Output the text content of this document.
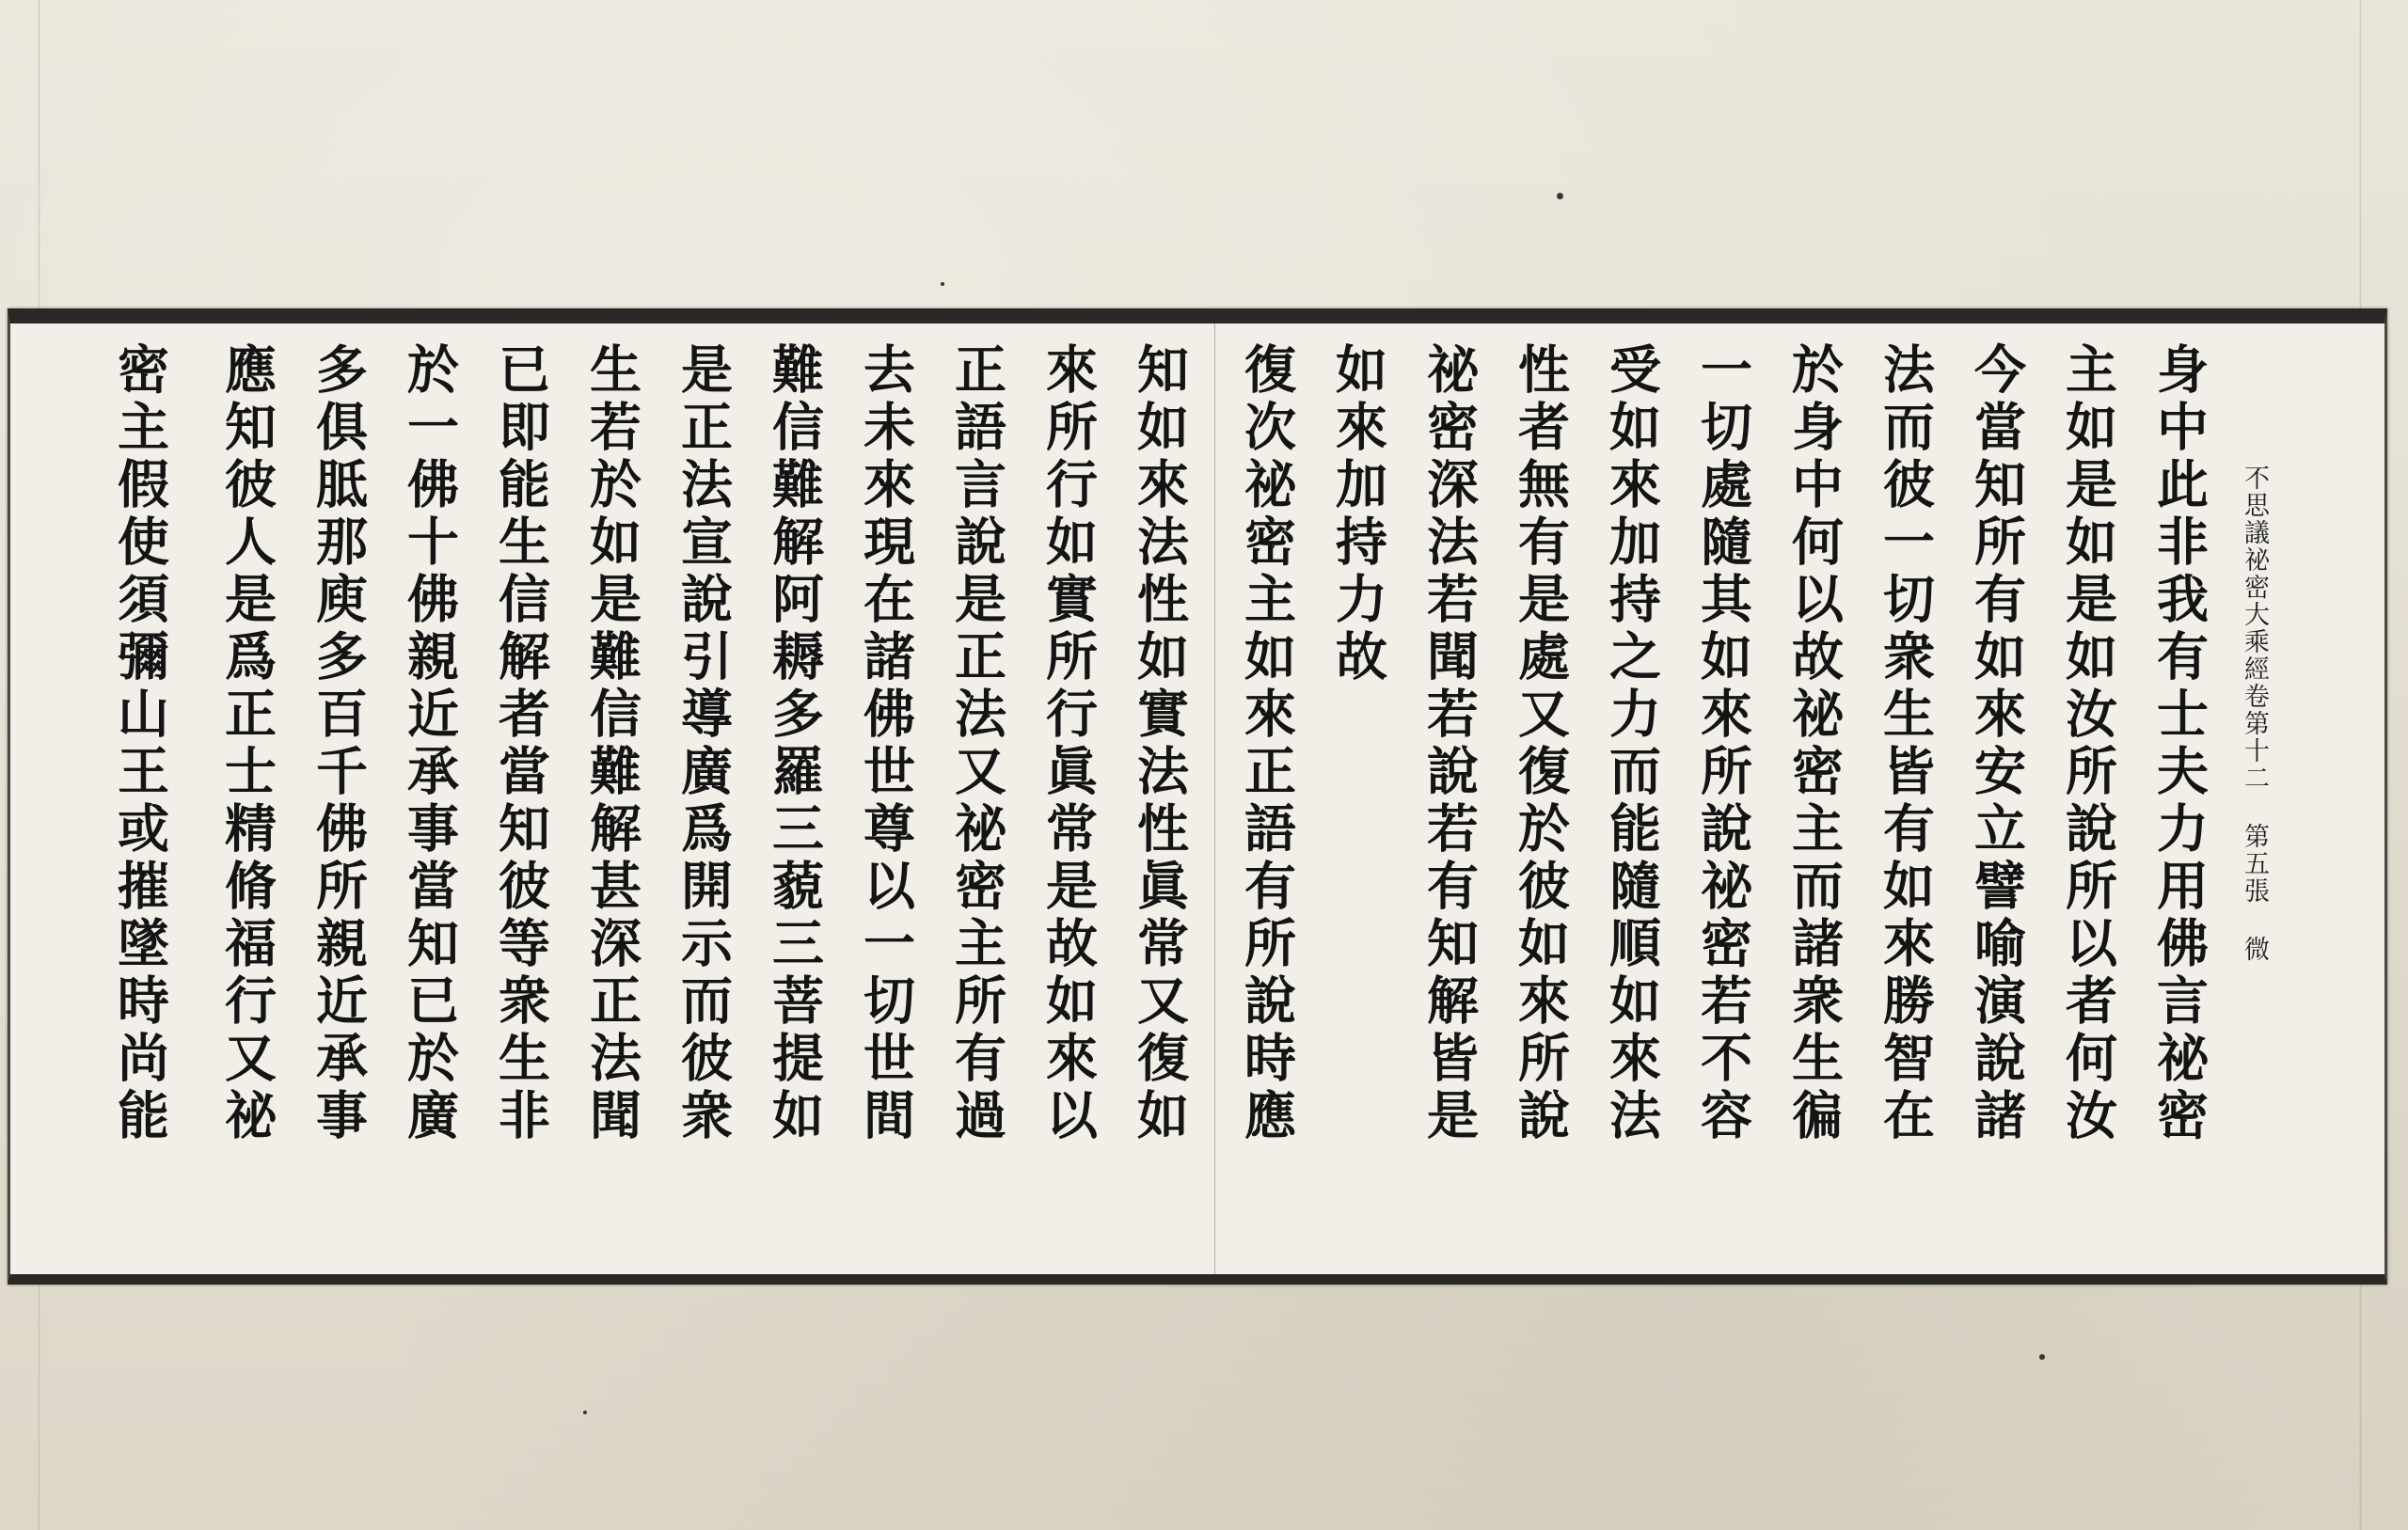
身中此非我有士夫力用佛言祕密
主如是如是如汝所說所以者何汝
今當知所有如來安立譬喻演說諸
法而彼一切衆生皆有如來勝智在
於身中何以故祕密主而諸衆生徧
一切處隨其如來所說祕密若不容
受如來加持之力而能隨順如來法
性者無有是處又復於彼如來所說
祕密深法若聞若說若有知解皆是
如來加持力故
復次祕密主如來正語有所說時應
知如來法性如實法性眞常又復如
來所行如實所行眞常是故如來以
正語言說是正法又祕密主所有過
去未來現在諸佛世尊以一切世間
難信難解阿耨多羅三藐三菩提如
是正法宣說引導廣爲開示而彼衆
生若於如是難信難解甚深正法聞
已即能生信解者當知彼等衆生非
於一佛十佛親近承事當知已於廣
多俱胝那庾多百千佛所親近承事
應知彼人是爲正士精脩福行又祕
密主假使須彌山王或摧墜時尚能	不思議祕密大乘經卷第十二 第五張 微
